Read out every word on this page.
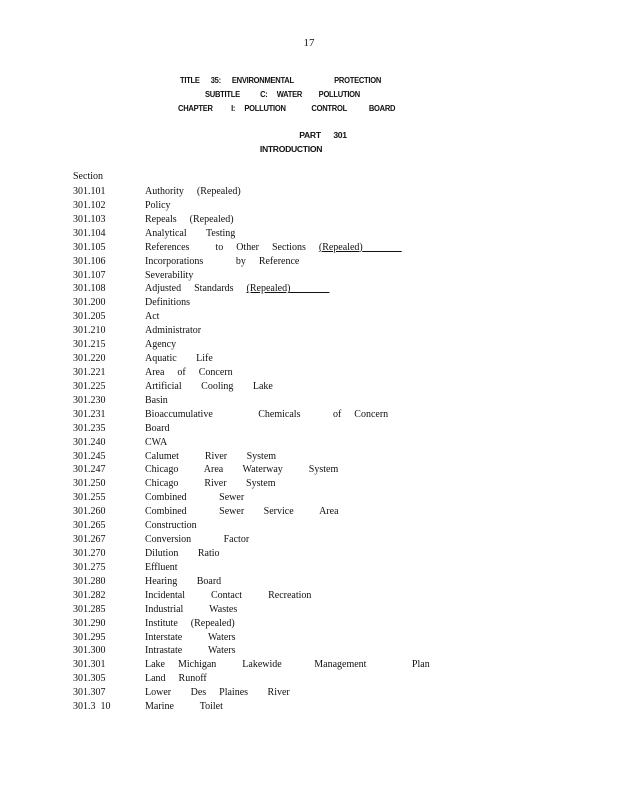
17
TITLE      35:      ENVIRONMENTAL                      PROTECTION
SUBTITLE           C:     WATER         POLLUTION
CHAPTER          I:     POLLUTION              CONTROL            BOARD
PART      301
INTRODUCTION
Section
301.101	Authority (Repealed)
301.102	Policy
301.103	Repeals (Repealed)
301.104	Analytical   Testing
301.105	References    to  Other  Sections (Repealed)
301.106	Incorporations     by  Reference
301.107	Severability
301.108	Adjusted  Standards (Repealed)
301.200	Definitions
301.205	Act
301.210	Administrator
301.215	Agency
301.220	Aquatic   Life
301.221	Area  of  Concern
301.225	Artificial   Cooling   Lake
301.230	Basin
301.231	Bioaccumulative       Chemicals     of  Concern
301.235	Board
301.240	CWA
301.245	Calumet    River   System
301.247	Chicago    Area   Waterway    System
301.250	Chicago    River   System
301.255	Combined     Sewer
301.260	Combined     Sewer   Service    Area
301.265	Construction
301.267	Conversion     Factor
301.270	Dilution   Ratio
301.275	Effluent
301.280	Hearing   Board
301.282	Incidental    Contact    Recreation
301.285	Industrial    Wastes
301.290	Institute (Repealed)
301.295	Interstate    Waters
301.300	Intrastate    Waters
301.301	Lake  Michigan    Lakewide     Management       Plan
301.305	Land  Runoff
301.307	Lower   Des  Plaines   River
301.3  10	Marine    Toilet
